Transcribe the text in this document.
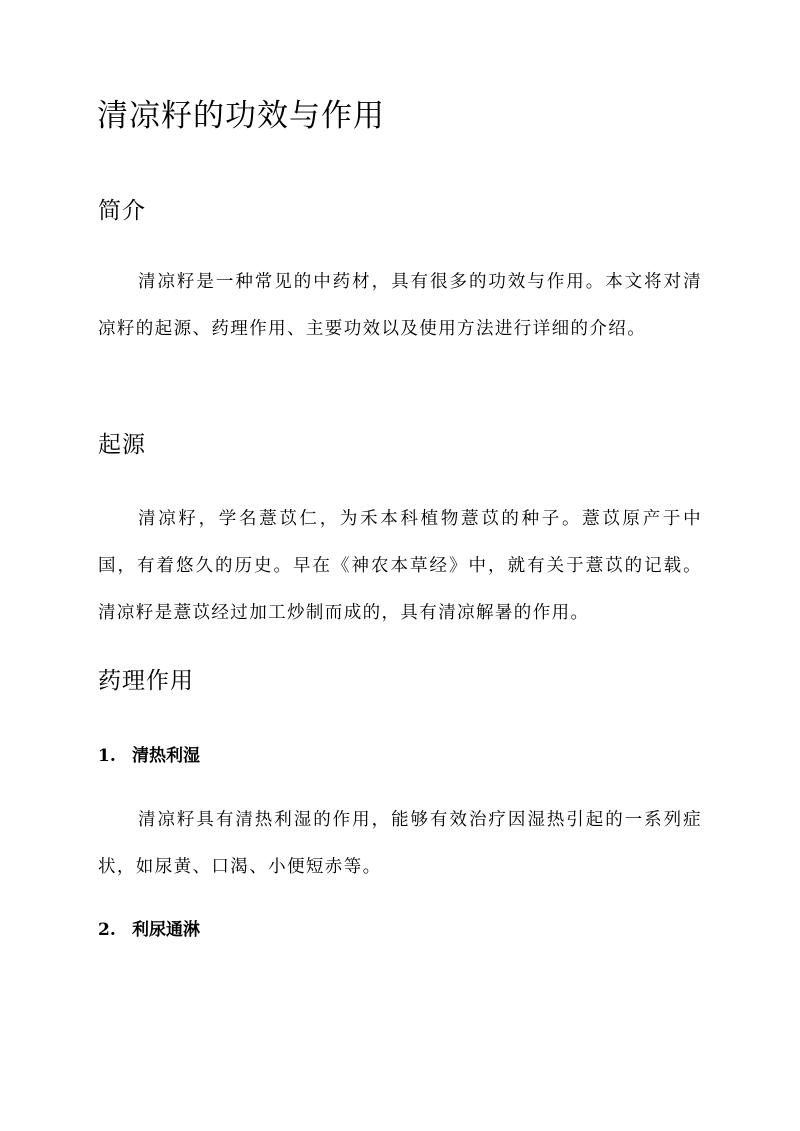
清凉籽的功效与作用
简介

清凉籽是一种常见的中药材，具有很多的功效与作用。本文将对清凉籽的起源、药理作用、主要功效以及使用方法进行详细的介绍。

起源

清凉籽，学名薏苡仁，为禾本科植物薏苡的种子。薏苡原产于中国，有着悠久的历史。早在《神农本草经》中，就有关于薏苡的记载。清凉籽是薏苡经过加工炒制而成的，具有清凉解暑的作用。

药理作用
1. 清热利湿

清凉籽具有清热利湿的作用，能够有效治疗因湿热引起的一系列症状，如尿黄、口渴、小便短赤等。

2. 利尿通淋
